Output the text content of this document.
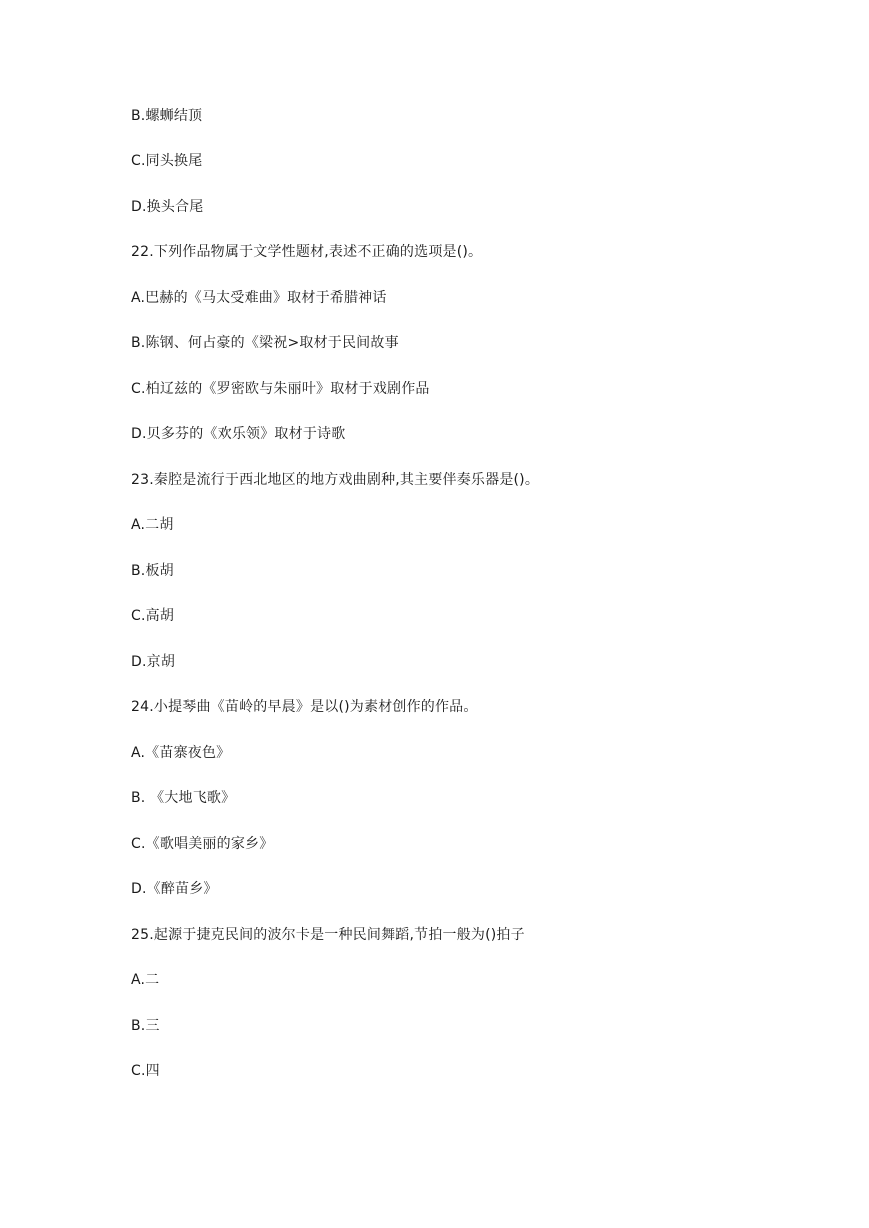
B.螺蛳结顶
C.同头换尾
D.换头合尾
22.下列作品物属于文学性题材,表述不正确的选项是()。
A.巴赫的《马太受难曲》取材于希腊神话
B.陈钢、何占豪的《梁祝>取材于民间故事
C.柏辽兹的《罗密欧与朱丽叶》取材于戏剧作品
D.贝多芬的《欢乐领》取材于诗歌
23.秦腔是流行于西北地区的地方戏曲剧种,其主要伴奏乐器是()。
A.二胡
B.板胡
C.高胡
D.京胡
24.小提琴曲《苗岭的早晨》是以()为素材创作的作品。
A.《苗寨夜色》
B. 《大地飞歌》
C.《歌唱美丽的家乡》
D.《醉苗乡》
25.起源于捷克民间的波尔卡是一种民间舞蹈,节拍一般为()拍子
A.二
B.三
C.四
